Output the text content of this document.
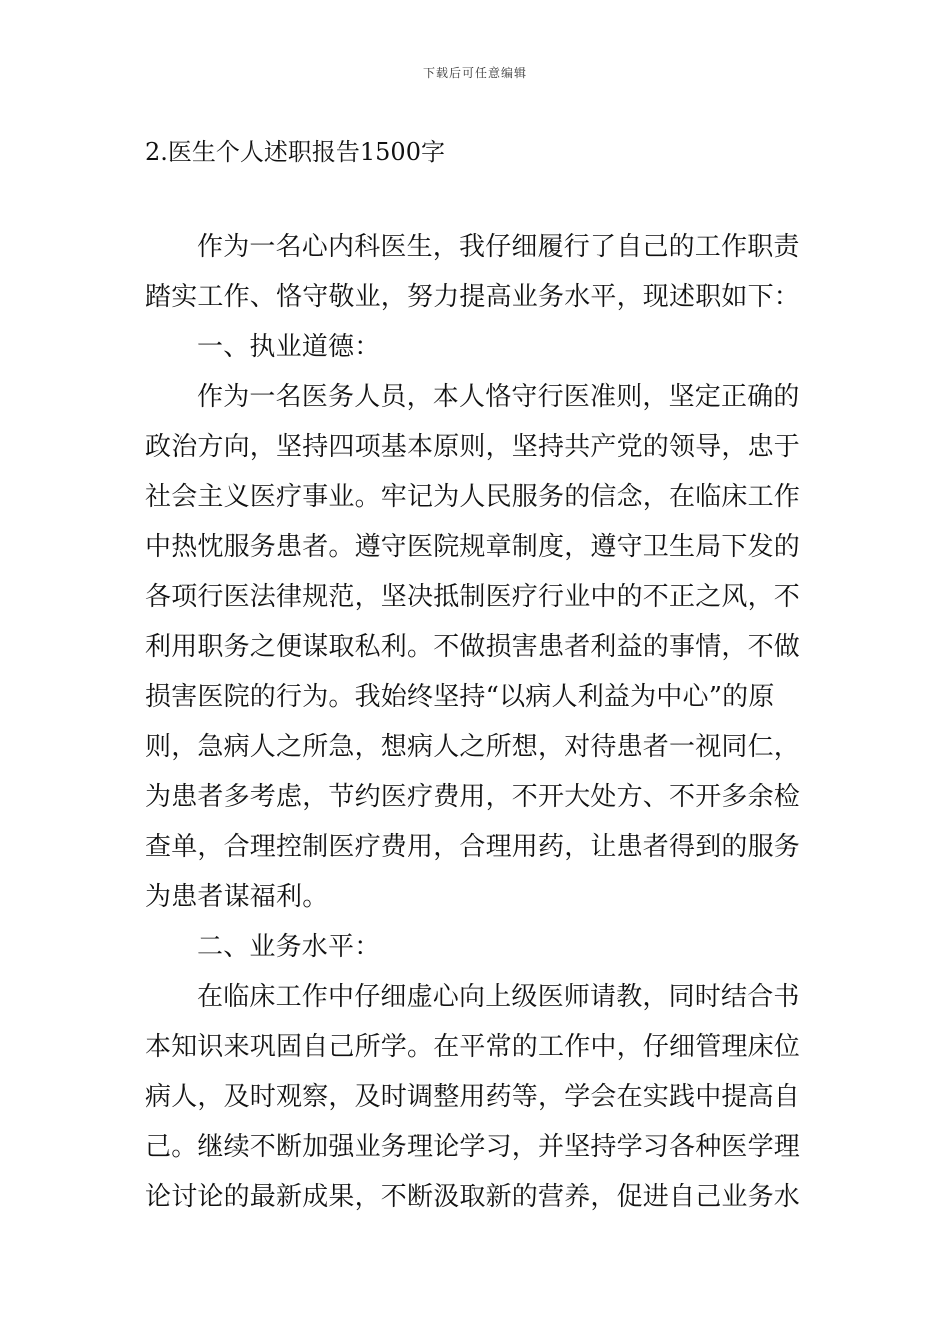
下载后可任意编辑
2.医生个人述职报告1500字
作为一名心内科医生，我仔细履行了自己的工作职责
踏实工作、恪守敬业，努力提高业务水平，现述职如下：
一、执业道德：
作为一名医务人员，本人恪守行医准则，坚定正确的
政治方向，坚持四项基本原则，坚持共产党的领导，忠于
社会主义医疗事业。牢记为人民服务的信念，在临床工作
中热忱服务患者。遵守医院规章制度，遵守卫生局下发的
各项行医法律规范，坚决抵制医疗行业中的不正之风，不
利用职务之便谋取私利。不做损害患者利益的事情，不做
损害医院的行为。我始终坚持“以病人利益为中心”的原
则，急病人之所急，想病人之所想，对待患者一视同仁，
为患者多考虑，节约医疗费用，不开大处方、不开多余检
查单，合理控制医疗费用，合理用药，让患者得到的服务
为患者谋福利。
二、业务水平：
在临床工作中仔细虚心向上级医师请教，同时结合书
本知识来巩固自己所学。在平常的工作中，仔细管理床位
病人，及时观察，及时调整用药等，学会在实践中提高自
己。继续不断加强业务理论学习，并坚持学习各种医学理
论讨论的最新成果，不断汲取新的营养，促进自己业务水
